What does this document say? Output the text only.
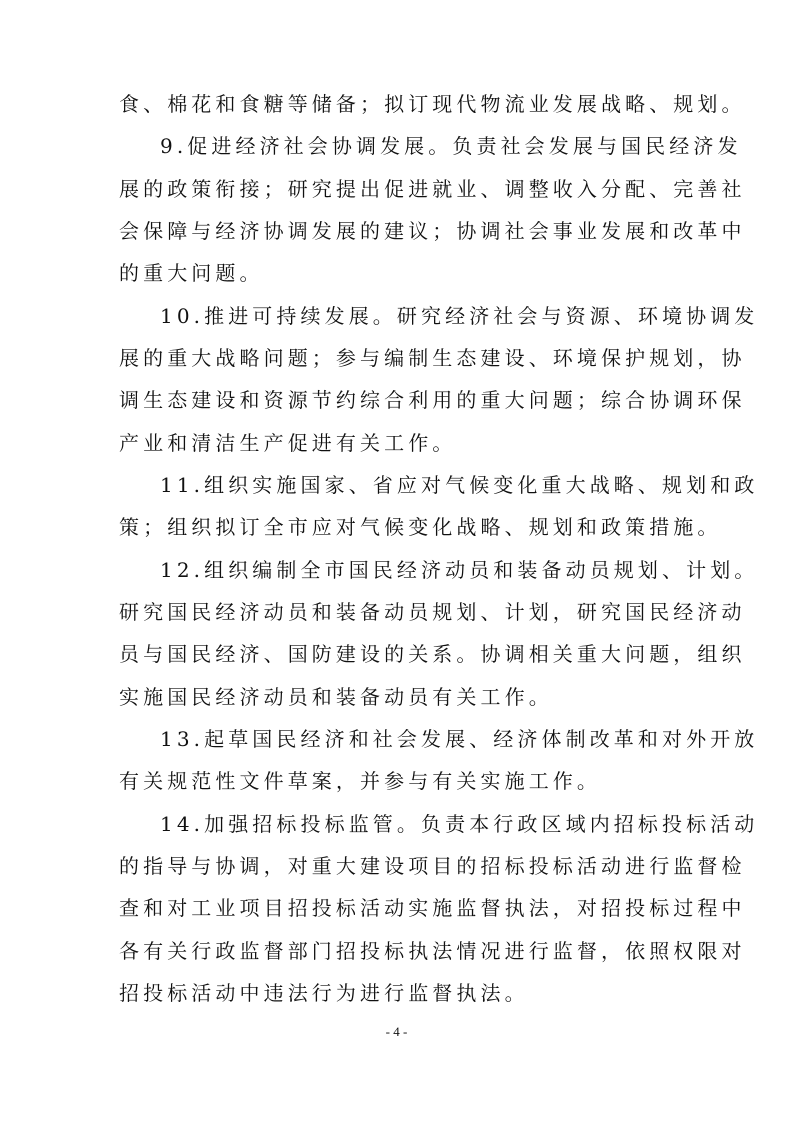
食、棉花和食糖等储备；拟订现代物流业发展战略、规划。
9.促进经济社会协调发展。负责社会发展与国民经济发
展的政策衔接；研究提出促进就业、调整收入分配、完善社
会保障与经济协调发展的建议；协调社会事业发展和改革中
的重大问题。
10.推进可持续发展。研究经济社会与资源、环境协调发
展的重大战略问题；参与编制生态建设、环境保护规划，协
调生态建设和资源节约综合利用的重大问题；综合协调环保
产业和清洁生产促进有关工作。
11.组织实施国家、省应对气候变化重大战略、规划和政
策；组织拟订全市应对气候变化战略、规划和政策措施。
12.组织编制全市国民经济动员和装备动员规划、计划。
研究国民经济动员和装备动员规划、计划，研究国民经济动
员与国民经济、国防建设的关系。协调相关重大问题，组织
实施国民经济动员和装备动员有关工作。
13.起草国民经济和社会发展、经济体制改革和对外开放
有关规范性文件草案，并参与有关实施工作。
14.加强招标投标监管。负责本行政区域内招标投标活动
的指导与协调，对重大建设项目的招标投标活动进行监督检
查和对工业项目招投标活动实施监督执法，对招投标过程中
各有关行政监督部门招投标执法情况进行监督，依照权限对
招投标活动中违法行为进行监督执法。
- 4 -
